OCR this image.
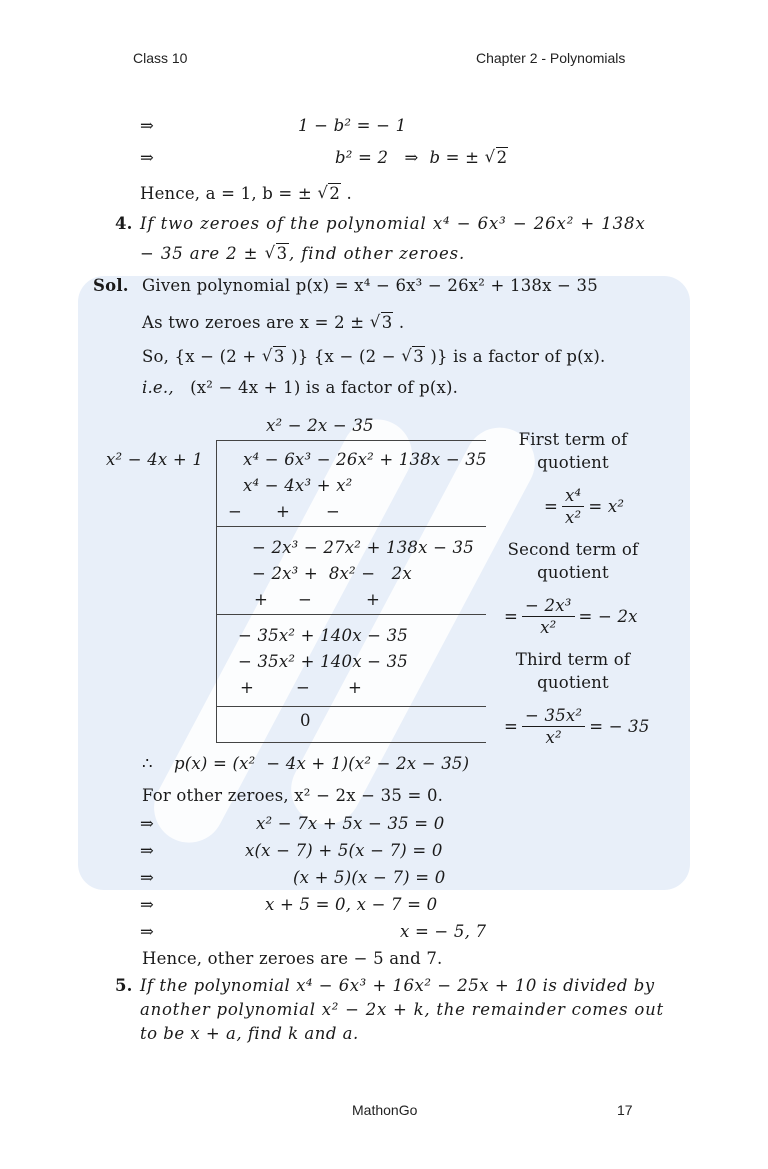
Class 10	Chapter 2 - Polynomials
⇒	1 − b² = − 1
⇒	b² = 2 ⇒ b = ± √ 2
Hence, a = 1, b = ± √ 2 .
4. If two zeroes of the polynomial x⁴ − 6x³ − 26x² + 138x
− 35 are 2 ± √ 3, find other zeroes.
Sol. Given polynomial p(x) = x⁴ − 6x³ − 26x² + 138x − 35
As two zeroes are x = 2 ± √ 3 .
So, {x − (2 + √ 3 )} {x − (2 − √ 3 )} is a factor of p(x).
i.e., (x² − 4x + 1) is a factor of p(x).
x² − 2x − 35
x² − 4x + 1 x⁴ − 6x³ − 26x² + 138x − 35
x⁴ − 4x³ + x²
− + −
− 2x³ − 27x² + 138x − 35
− 2x³ +  8x² −   2x
+ −	+
− 35x² + 140x − 35
− 35x² + 140x − 35
+	− +
0
First term of
quotient
= $\frac{\text{x⁴}}{\text{x²}} = x^2$
Second term of
quotient
= $\frac{\text{− 2x³}}{\text{x²}}$ = − 2x
Third term of
quotient
= $\frac{\text{− 35x²}}{\text{x²}}$ = − 35
∴ p(x) = (x²  − 4x + 1)(x² − 2x − 35)
For other zeroes, x² − 2x − 35 = 0.
⇒	x² − 7x + 5x − 35 = 0
⇒	x(x − 7) + 5(x − 7) = 0
⇒	(x + 5)(x − 7) = 0
⇒	x + 5 = 0, x − 7 = 0
⇒	x = − 5, 7
Hence, other zeroes are − 5 and 7.
5. If the polynomial x⁴ − 6x³ + 16x² − 25x + 10 is divided by
another polynomial x² − 2x + k, the remainder comes out
to be x + a, find k and a.
MathonGo	17
